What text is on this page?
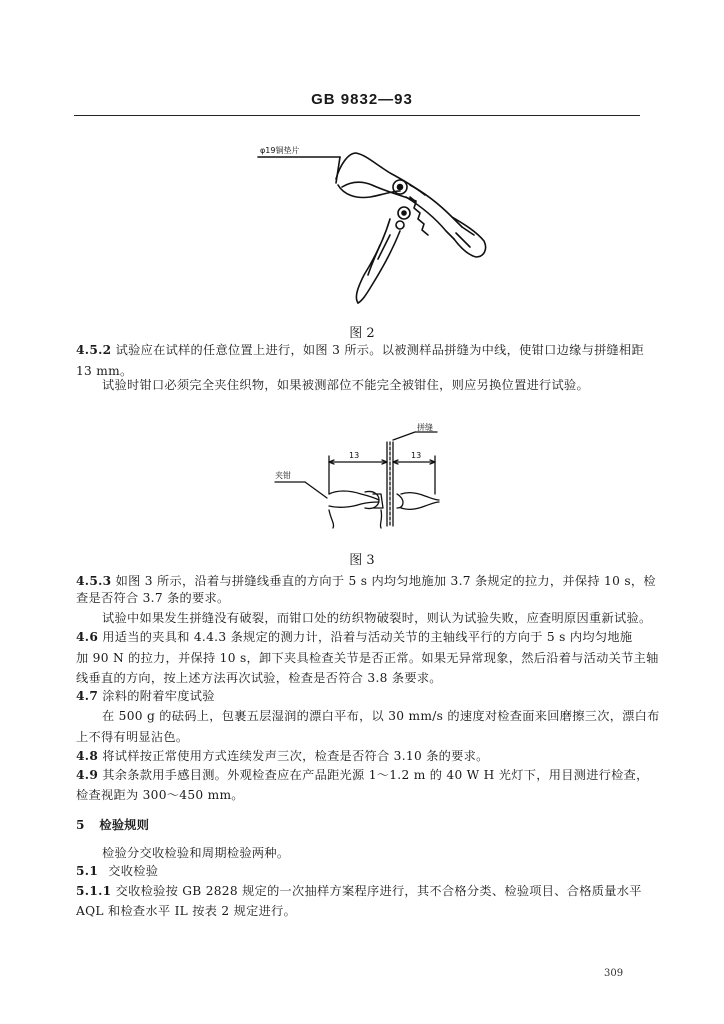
GB 9832—93
φ19铜垫片
图 2
4.5.2 试验应在试样的任意位置上进行，如图 3 所示。以被测样品拼缝为中线，使钳口边缘与拼缝相距
13 mm。
试验时钳口必须完全夹住织物，如果被测部位不能完全被钳住，则应另换位置进行试验。
拼缝
夹钳
13	13
图 3
4.5.3 如图 3 所示，沿着与拼缝线垂直的方向于 5 s 内均匀地施加 3.7 条规定的拉力，并保持 10 s，检
查是否符合 3.7 条的要求。
试验中如果发生拼缝没有破裂，而钳口处的纺织物破裂时，则认为试验失败，应查明原因重新试验。
4.6 用适当的夹具和 4.4.3 条规定的测力计，沿着与活动关节的主轴线平行的方向于 5 s 内均匀地施
加 90 N 的拉力，并保持 10 s，卸下夹具检查关节是否正常。如果无异常现象，然后沿着与活动关节主轴
线垂直的方向，按上述方法再次试验，检查是否符合 3.8 条要求。
4.7 涂料的附着牢度试验
在 500 g 的砝码上，包裹五层湿润的漂白平布，以 30 mm/s 的速度对检查面来回磨擦三次，漂白布
上不得有明显沾色。
4.8 将试样按正常使用方式连续发声三次，检查是否符合 3.10 条的要求。
4.9 其余条款用手感目测。外观检查应在产品距光源 1～1.2 m 的 40 W H 光灯下，用目测进行检查，
检查视距为 300～450 mm。
5 检验规则
检验分交收检验和周期检验两种。
5.1 交收检验
5.1.1 交收检验按 GB 2828 规定的一次抽样方案程序进行，其不合格分类、检验项目、合格质量水平
AQL 和检查水平 IL 按表 2 规定进行。
309
